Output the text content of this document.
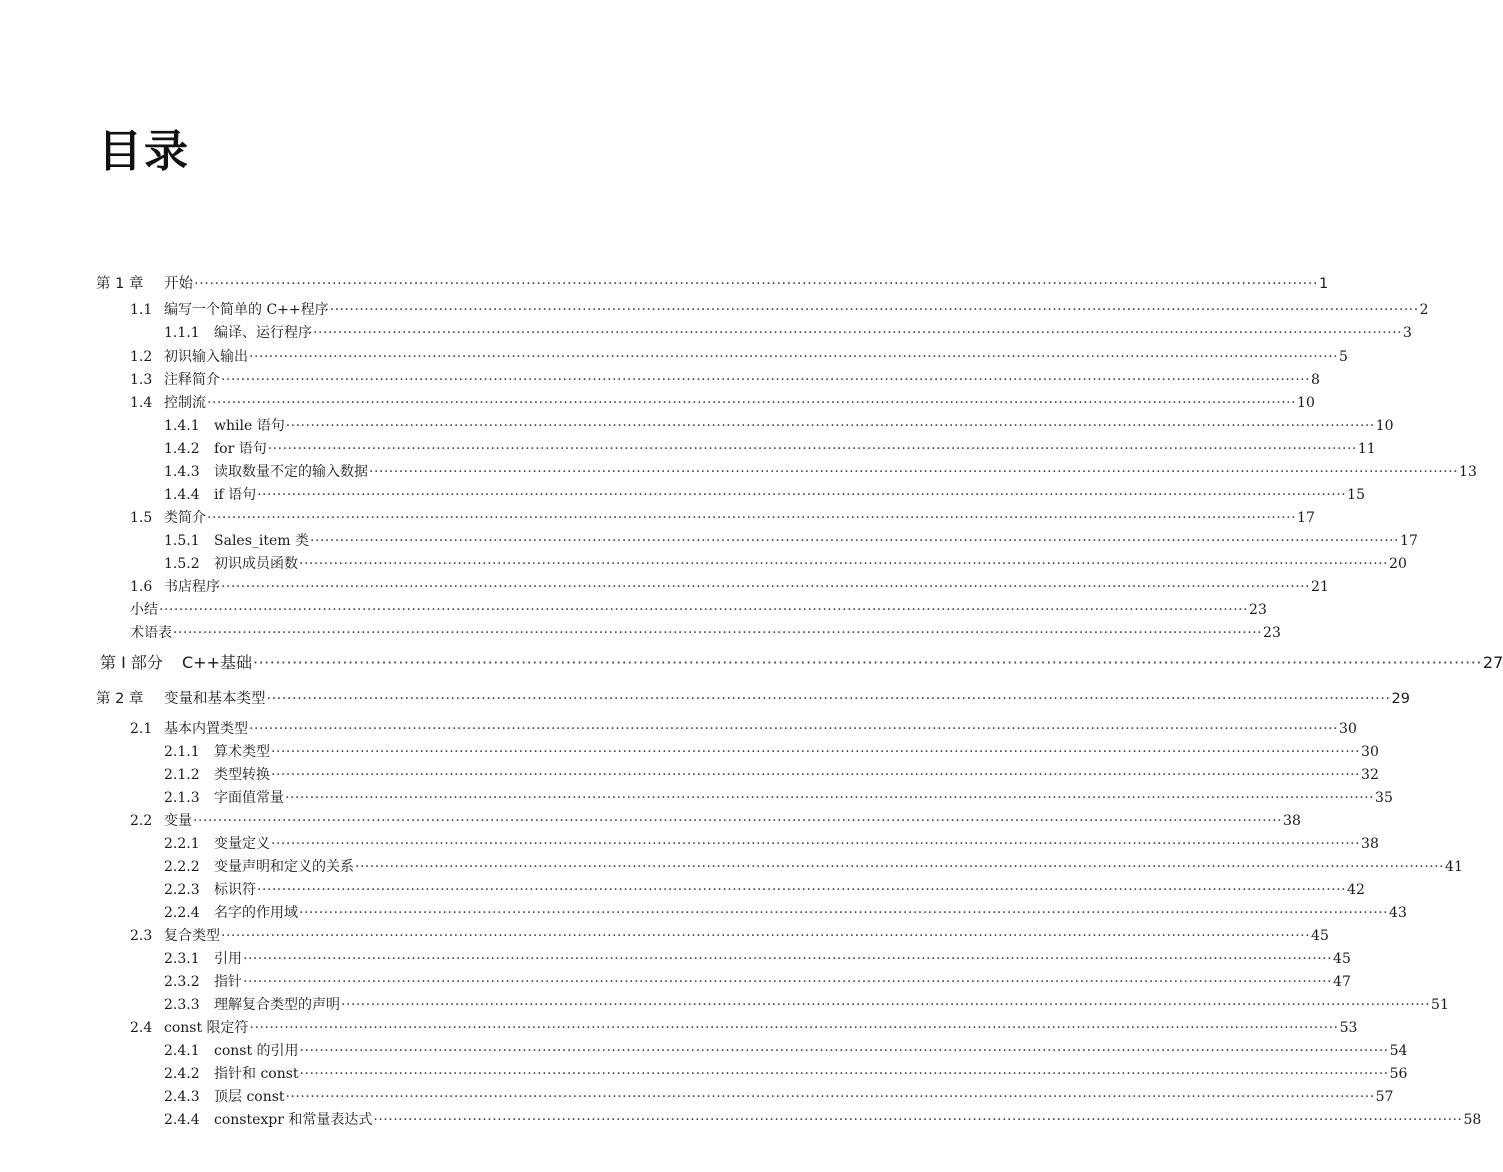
目录
第 1 章	开始 ···························································································································································································································· 1
1.1 编写一个简单的 C++程序 ···························································································································································································································· 2
1.1.1	编译、运行程序 ···························································································································································································································· 3
1.2 初识输入输出 ···························································································································································································································· 5
1.3 注释简介 ···························································································································································································································· 8
1.4 控制流 ···························································································································································································································· 10
1.4.1	while 语句 ···························································································································································································································· 10
1.4.2	for 语句 ···························································································································································································································· 11
1.4.3	读取数量不定的输入数据 ···························································································································································································································· 13
1.4.4	if 语句 ···························································································································································································································· 15
1.5 类简介 ···························································································································································································································· 17
1.5.1	Sales_item 类 ···························································································································································································································· 17
1.5.2	初识成员函数 ···························································································································································································································· 20
1.6 书店程序 ···························································································································································································································· 21
小结 ···························································································································································································································· 23
术语表 ···························································································································································································································· 23
第 I 部分	C++基础 ···························································································································································································································· 27
第 2 章	变量和基本类型 ···························································································································································································································· 29
2.1 基本内置类型 ···························································································································································································································· 30
2.1.1	算术类型 ···························································································································································································································· 30
2.1.2	类型转换 ···························································································································································································································· 32
2.1.3	字面值常量 ···························································································································································································································· 35
2.2 变量 ···························································································································································································································· 38
2.2.1	变量定义 ···························································································································································································································· 38
2.2.2	变量声明和定义的关系 ···························································································································································································································· 41
2.2.3	标识符 ···························································································································································································································· 42
2.2.4	名字的作用域 ···························································································································································································································· 43
2.3 复合类型 ···························································································································································································································· 45
2.3.1	引用 ···························································································································································································································· 45
2.3.2	指针 ···························································································································································································································· 47
2.3.3	理解复合类型的声明 ···························································································································································································································· 51
2.4 const 限定符 ···························································································································································································································· 53
2.4.1	const 的引用 ···························································································································································································································· 54
2.4.2	指针和 const ···························································································································································································································· 56
2.4.3	顶层 const ···························································································································································································································· 57
2.4.4	constexpr 和常量表达式 ···························································································································································································································· 58
